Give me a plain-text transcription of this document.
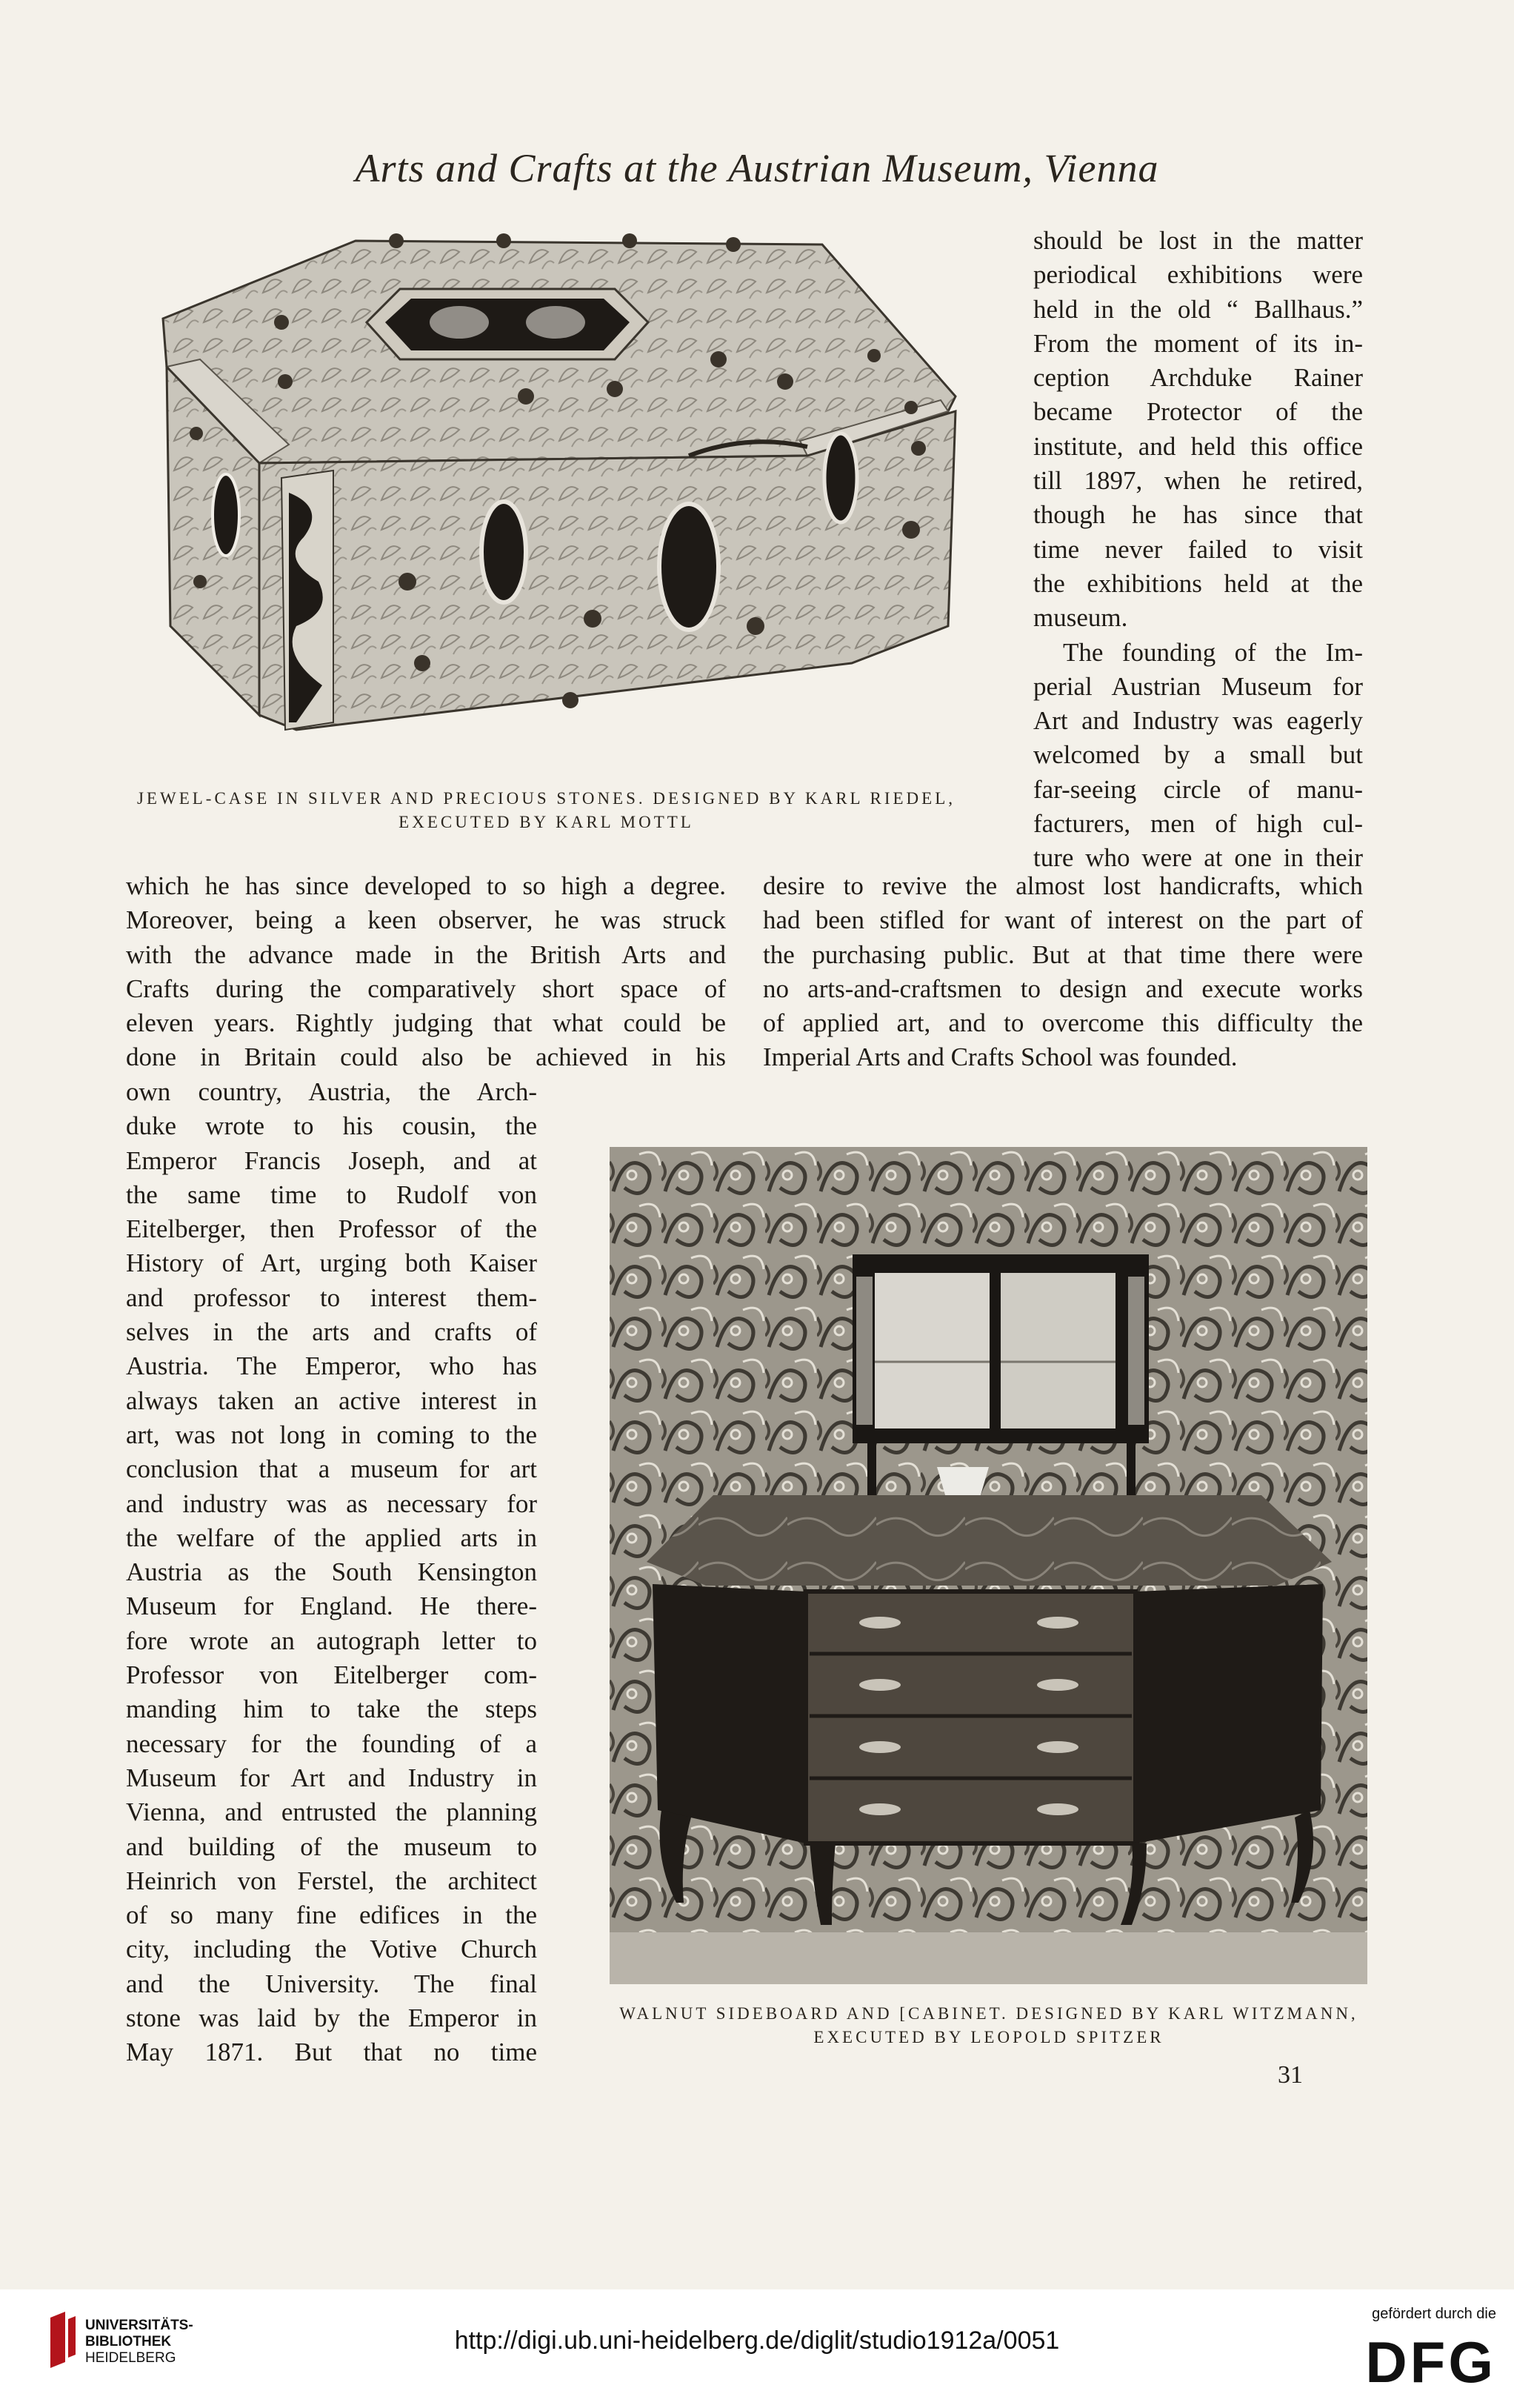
Arts and Crafts at the Austrian Museum, Vienna
JEWEL-CASE IN SILVER AND PRECIOUS STONES. DESIGNED BY KARL RIEDEL,
EXECUTED BY KARL MOTTL

should be lost in the matter

periodical exhibitions were

held in the old “ Ballhaus.”

From the moment of its in-

ception Archduke Rainer

became Protector of the

institute, and held this office

till 1897, when he retired,

though he has since that

time never failed to visit

the exhibitions held at the

museum.

The founding of the Im-

perial Austrian Museum for

Art and Industry was eagerly

welcomed by a small but

far-seeing circle of manu-

facturers, men of high cul-

ture who were at one in their

which he has since developed to so high a degree.

Moreover, being a keen observer, he was struck

with the advance made in the British Arts and

Crafts during the comparatively short space of

eleven years. Rightly judging that what could be

done in Britain could also be achieved in his

desire to revive the almost lost handicrafts, which

had been stifled for want of interest on the part of

the purchasing public. But at that time there were

no arts-and-craftsmen to design and execute works

of applied art, and to overcome this difficulty the

Imperial Arts and Crafts School was founded.

own country, Austria, the Arch-

duke wrote to his cousin, the

Emperor Francis Joseph, and at

the same time to Rudolf von

Eitelberger, then Professor of the

History of Art, urging both Kaiser

and professor to interest them-

selves in the arts and crafts of

Austria. The Emperor, who has

always taken an active interest in

art, was not long in coming to the

conclusion that a museum for art

and industry was as necessary for

the welfare of the applied arts in

Austria as the South Kensington

Museum for England. He there-

fore wrote an autograph letter to

Professor von Eitelberger com-

manding him to take the steps

necessary for the founding of a

Museum for Art and Industry in

Vienna, and entrusted the planning

and building of the museum to

Heinrich von Ferstel, the architect

of so many fine edifices in the

city, including the Votive Church

and the University. The final

stone was laid by the Emperor in

May 1871. But that no time

WALNUT SIDEBOARD AND [CABINET. DESIGNED BY KARL WITZMANN,
EXECUTED BY LEOPOLD SPITZER
31
UNIVERSITÄTS-
BIBLIOTHEK
HEIDELBERG
http://digi.ub.uni-heidelberg.de/diglit/studio1912a/0051
gefördert durch die
DFG
